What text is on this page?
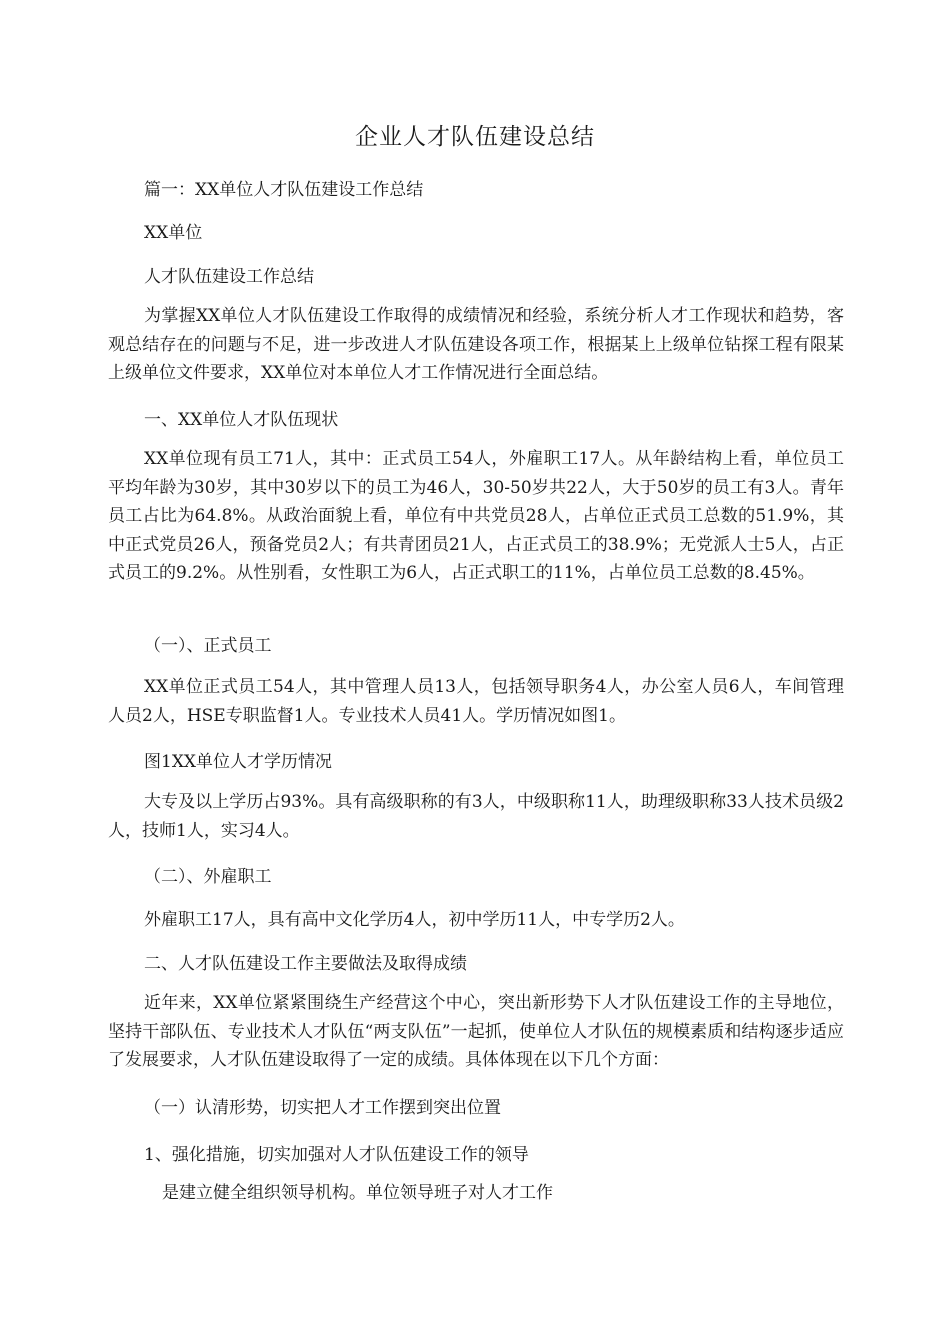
企业人才队伍建设总结
篇一：XX单位人才队伍建设工作总结
XX单位
人才队伍建设工作总结

为掌握XX单位人才队伍建设工作取得的成绩情况和经验，系统分析人才工作现状和趋势，客观总结存在的问题与不足，进一步改进人才队伍建设各项工作，根据某上上级单位钻探工程有限某上级单位文件要求，XX单位对本单位人才工作情况进行全面总结。

一、XX单位人才队伍现状

XX单位现有员工71人，其中：正式员工54人，外雇职工17人。从年龄结构上看，单位员工平均年龄为30岁，其中30岁以下的员工为46人，30-50岁共22人，大于50岁的员工有3人。青年员工占比为64.8%。从政治面貌上看，单位有中共党员28人，占单位正式员工总数的51.9%，其中正式党员26人，预备党员2人；有共青团员21人，占正式员工的38.9%；无党派人士5人，占正式员工的9.2%。从性别看，女性职工为6人，占正式职工的11%，占单位员工总数的8.45%。

（一）、正式员工

XX单位正式员工54人，其中管理人员13人，包括领导职务4人，办公室人员6人，车间管理人员2人，HSE专职监督1人。专业技术人员41人。学历情况如图1。

图1XX单位人才学历情况

大专及以上学历占93%。具有高级职称的有3人，中级职称11人，助理级职称33人技术员级2人，技师1人，实习4人。

（二）、外雇职工
外雇职工17人，具有高中文化学历4人，初中学历11人，中专学历2人。
二、人才队伍建设工作主要做法及取得成绩

近年来，XX单位紧紧围绕生产经营这个中心，突出新形势下人才队伍建设工作的主导地位，坚持干部队伍、专业技术人才队伍“两支队伍”一起抓，使单位人才队伍的规模素质和结构逐步适应了发展要求，人才队伍建设取得了一定的成绩。具体体现在以下几个方面：

（一）认清形势，切实把人才工作摆到突出位置
1、强化措施，切实加强对人才队伍建设工作的领导
是建立健全组织领导机构。单位领导班子对人才工作
